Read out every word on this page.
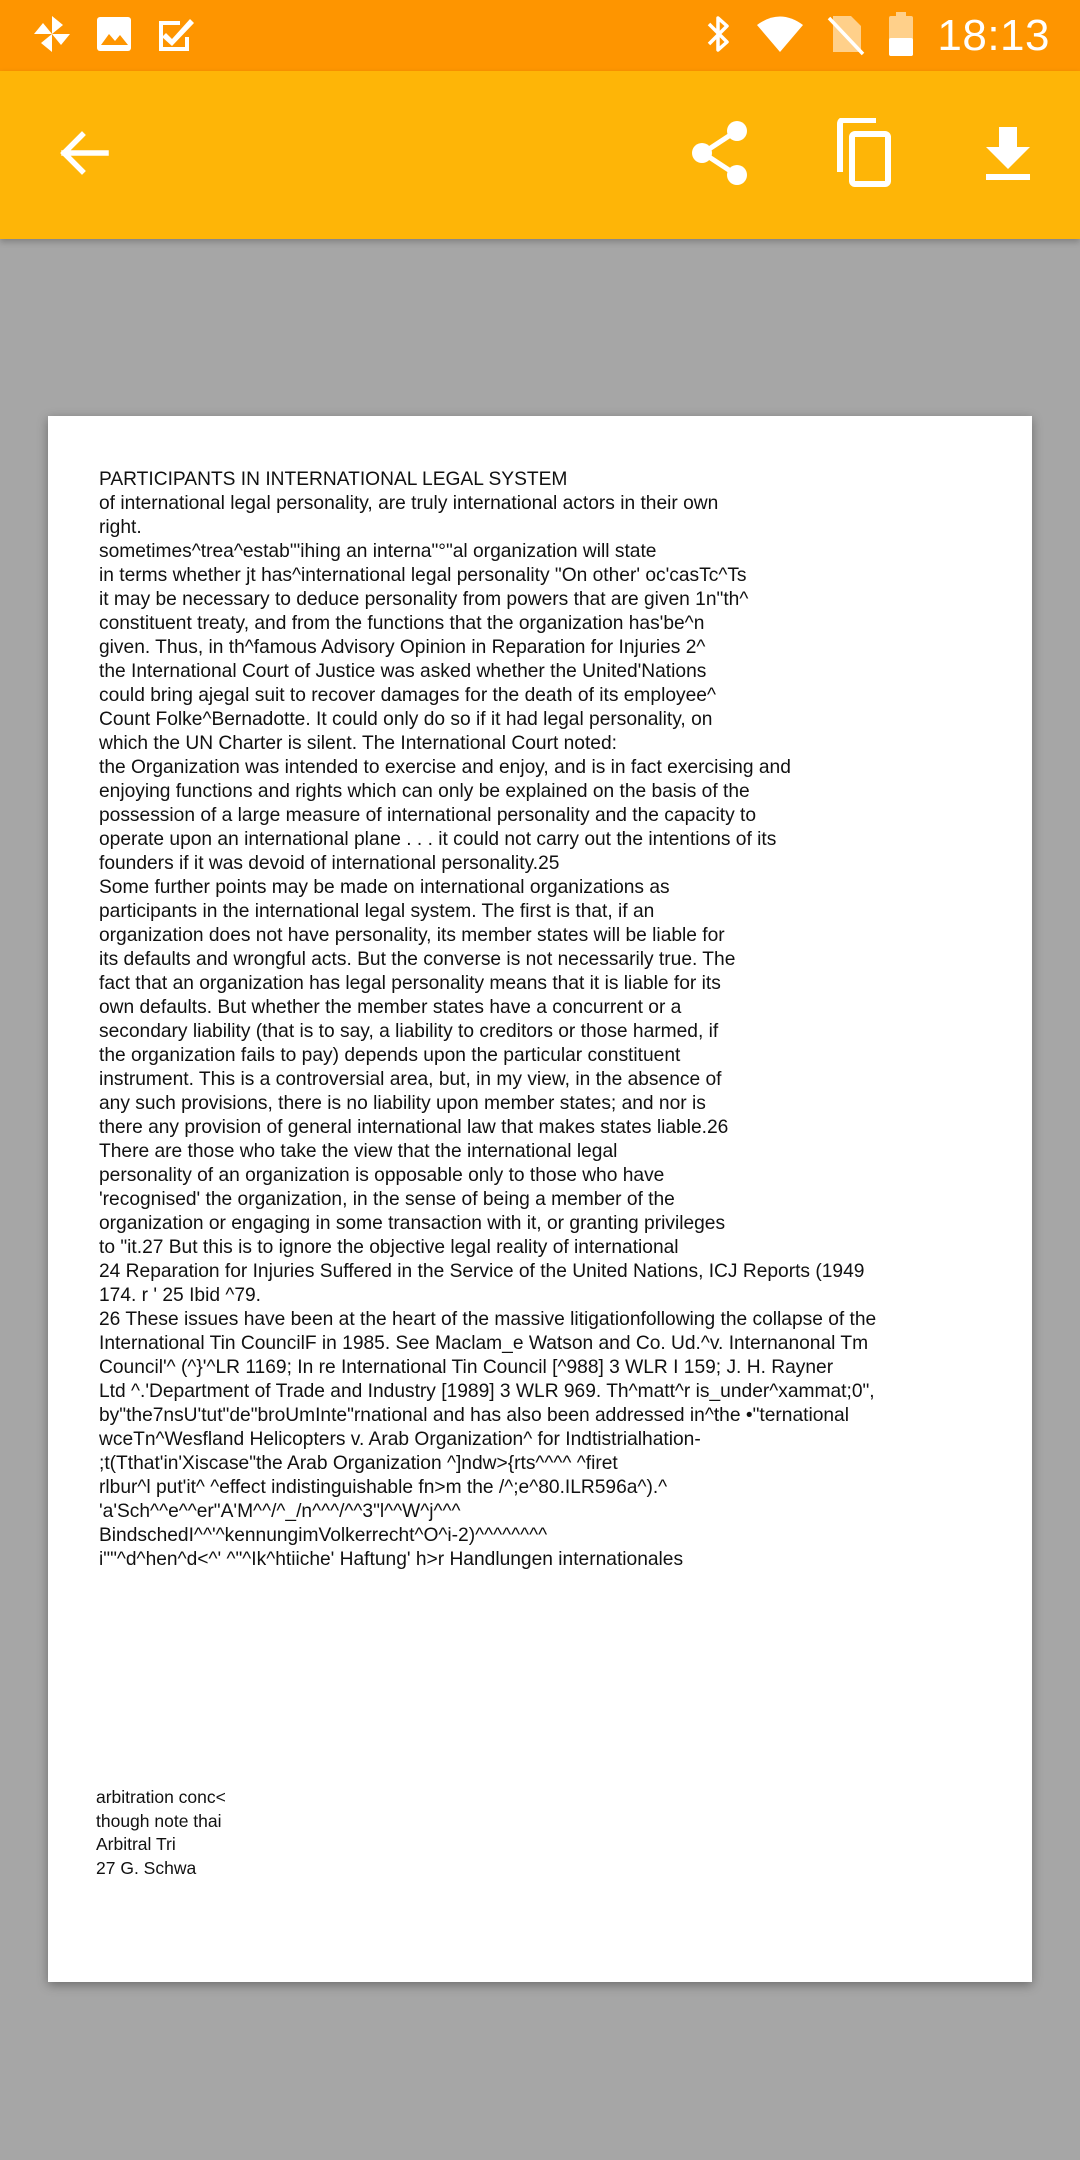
18:13
PARTICIPANTS IN INTERNATIONAL LEGAL SYSTEM
of international legal personality, are truly international actors in their own
right.
sometimes^trea^estab'"ihing an interna"°"al organization will state
in terms whether jt has^international legal personality "On other' oc'casTc^Ts
it may be necessary to deduce personality from powers that are given 1n"th^
constituent treaty, and from the functions that the organization has'be^n
given. Thus, in th^famous Advisory Opinion in Reparation for Injuries 2^
the International Court of Justice was asked whether the United'Nations
could bring ajegal suit to recover damages for the death of its employee^
Count Folke^Bernadotte. It could only do so if it had legal personality, on
which the UN Charter is silent. The International Court noted:
the Organization was intended to exercise and enjoy, and is in fact exercising and
enjoying functions and rights which can only be explained on the basis of the
possession of a large measure of international personality and the capacity to
operate upon an international plane . . . it could not carry out the intentions of its
founders if it was devoid of international personality.25
Some further points may be made on international organizations as
participants in the international legal system. The first is that, if an
organization does not have personality, its member states will be liable for
its defaults and wrongful acts. But the converse is not necessarily true. The
fact that an organization has legal personality means that it is liable for its
own defaults. But whether the member states have a concurrent or a
secondary liability (that is to say, a liability to creditors or those harmed, if
the organization fails to pay) depends upon the particular constituent
instrument. This is a controversial area, but, in my view, in the absence of
any such provisions, there is no liability upon member states; and nor is
there any provision of general international law that makes states liable.26
There are those who take the view that the international legal
personality of an organization is opposable only to those who have
'recognised' the organization, in the sense of being a member of the
organization or engaging in some transaction with it, or granting privileges
to "it.27 But this is to ignore the objective legal reality of international
24 Reparation for Injuries Suffered in the Service of the United Nations, ICJ Reports (1949
174. r ' 25 Ibid ^79.
26 These issues have been at the heart of the massive litigationfollowing the collapse of the
International Tin CouncilF in 1985. See Maclam_e Watson and Co. Ud.^v. Internanonal Tm
Council'^ (^}'^LR 1169; In re International Tin Council [^988] 3 WLR I 159; J. H. Rayner
Ltd ^.'Department of Trade and Industry [1989] 3 WLR 969. Th^matt^r is_under^xammat;0",
by"the7nsU'tut"de"broUmInte"rnational and has also been addressed in^the •"ternational
wceTn^Wesfland Helicopters v. Arab Organization^ for Indtistrialhation-
;t(Tthat'in'Xiscase"the Arab Organization ^]ndw>{rts^^^^ ^firet
rlbur^l put'it^ ^effect indistinguishable fn>m the /^;e^80.ILR596a^).^
'a'Sch^^e^^er"A'M^^/^_/n^^^/^^3"l^^W^j^^^
BindschedI^^'^kennungimVolkerrecht^O^i-2)^^^^^^^^
i""^d^hen^d<^' ^"^Ik^htiiche' Haftung' h>r Handlungen internationales
arbitration conc<
though note thai
Arbitral Tri
27 G. Schwa
